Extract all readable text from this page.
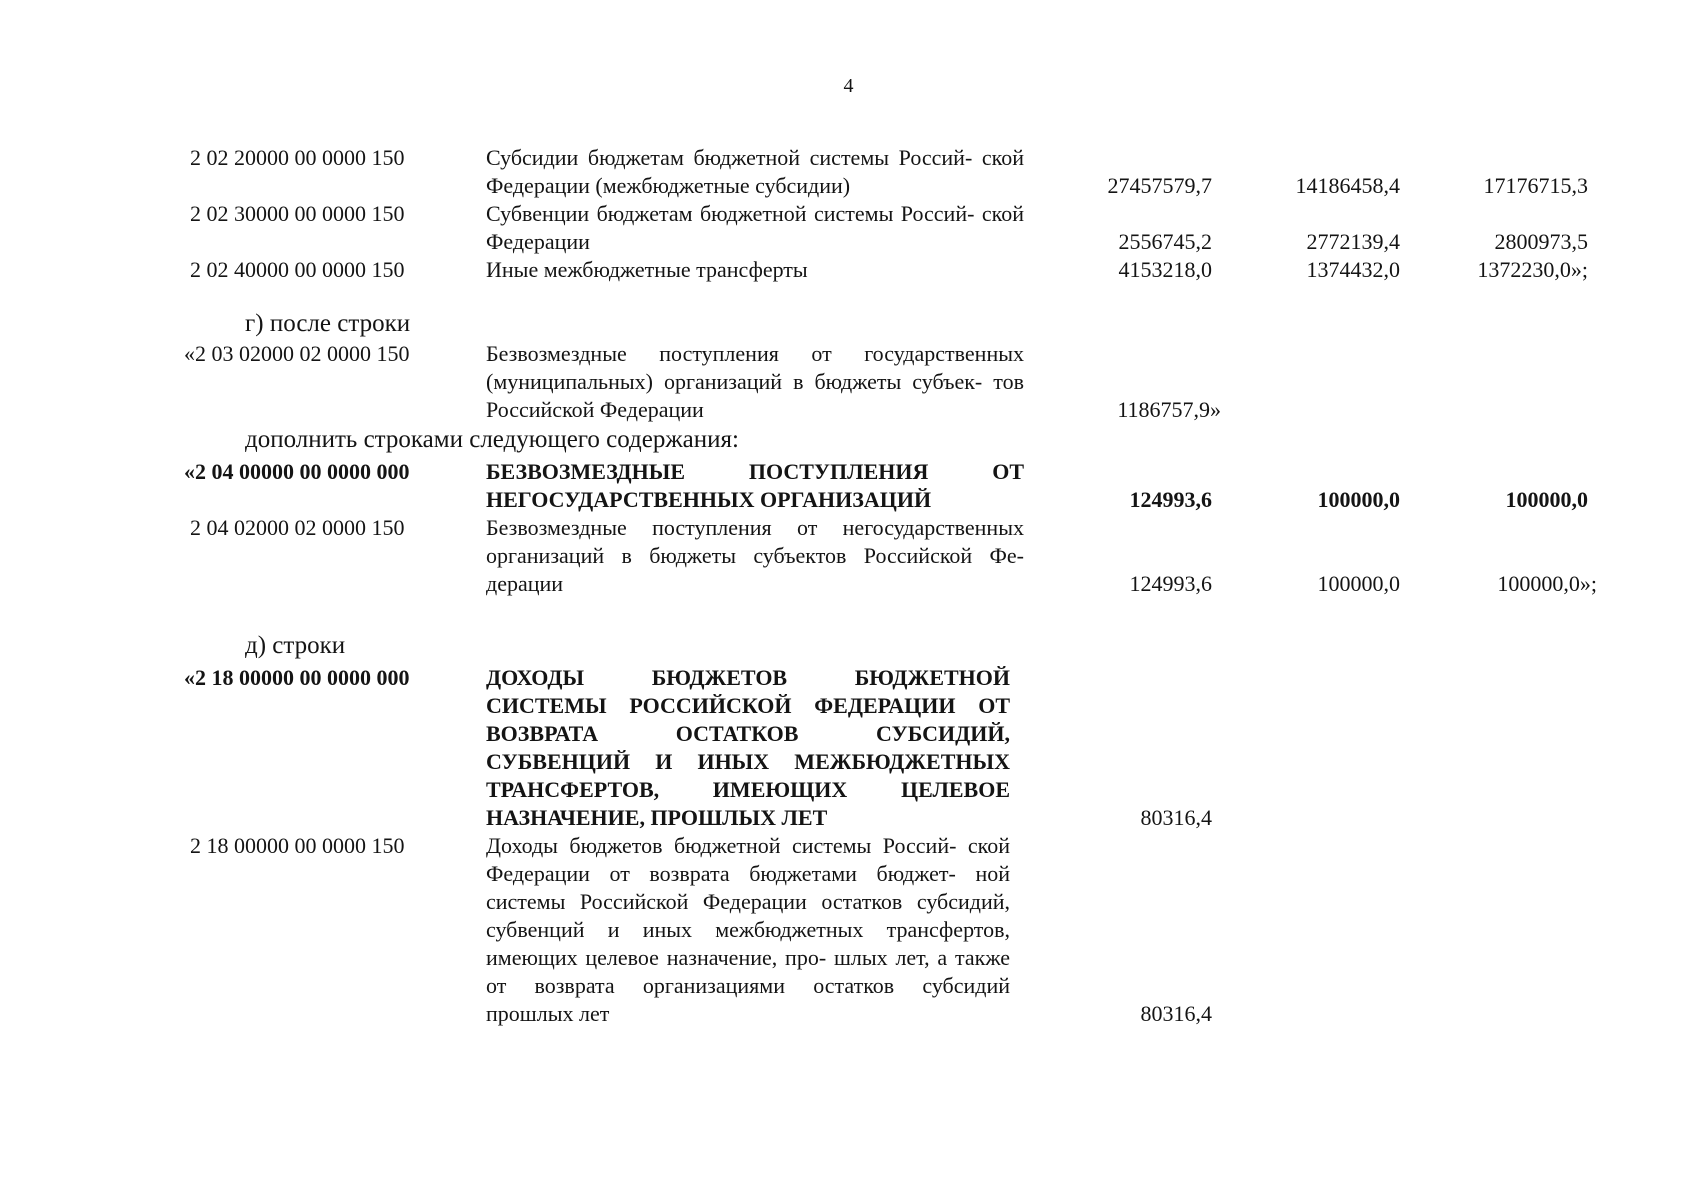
4
2 02 20000 00 0000 150	Субсидии бюджетам бюджетной системы Россий- ской Федерации (межбюджетные субсидии)	27457579,7	14186458,4	17176715,3
2 02 30000 00 0000 150	Субвенции бюджетам бюджетной системы Россий- ской Федерации	2556745,2	2772139,4	2800973,5
2 02 40000 00 0000 150	Иные межбюджетные трансферты	4153218,0	1374432,0	1372230,0»;
г) после строки
«2 03 02000 02 0000 150	Безвозмездные поступления от государственных (муниципальных) организаций в бюджеты субъек- тов Российской Федерации	1186757,9»
дополнить строками следующего содержания:
«2 04 00000 00 0000 000	БЕЗВОЗМЕЗДНЫЕ ПОСТУПЛЕНИЯ ОТ НЕГОСУДАРСТВЕННЫХ ОРГАНИЗАЦИЙ	124993,6	100000,0	100000,0
2 04 02000 02 0000 150	Безвозмездные поступления от негосударственных организаций в бюджеты субъектов Российской Фе- дерации	124993,6	100000,0	100000,0»;
д) строки
«2 18 00000 00 0000 000	ДОХОДЫ БЮДЖЕТОВ БЮДЖЕТНОЙ СИСТЕМЫ РОССИЙСКОЙ ФЕДЕРАЦИИ ОТ ВОЗВРАТА ОСТАТКОВ СУБСИДИЙ, СУБВЕНЦИЙ И ИНЫХ МЕЖБЮДЖЕТНЫХ ТРАНСФЕРТОВ, ИМЕЮЩИХ ЦЕЛЕВОЕ НАЗНАЧЕНИЕ, ПРОШЛЫХ ЛЕТ	80316,4
2 18 00000 00 0000 150	Доходы бюджетов бюджетной системы Россий- ской Федерации от возврата бюджетами бюджет- ной системы Российской Федерации остатков субсидий, субвенций и иных межбюджетных трансфертов, имеющих целевое назначение, про- шлых лет, а также от возврата организациями остатков субсидий прошлых лет	80316,4
